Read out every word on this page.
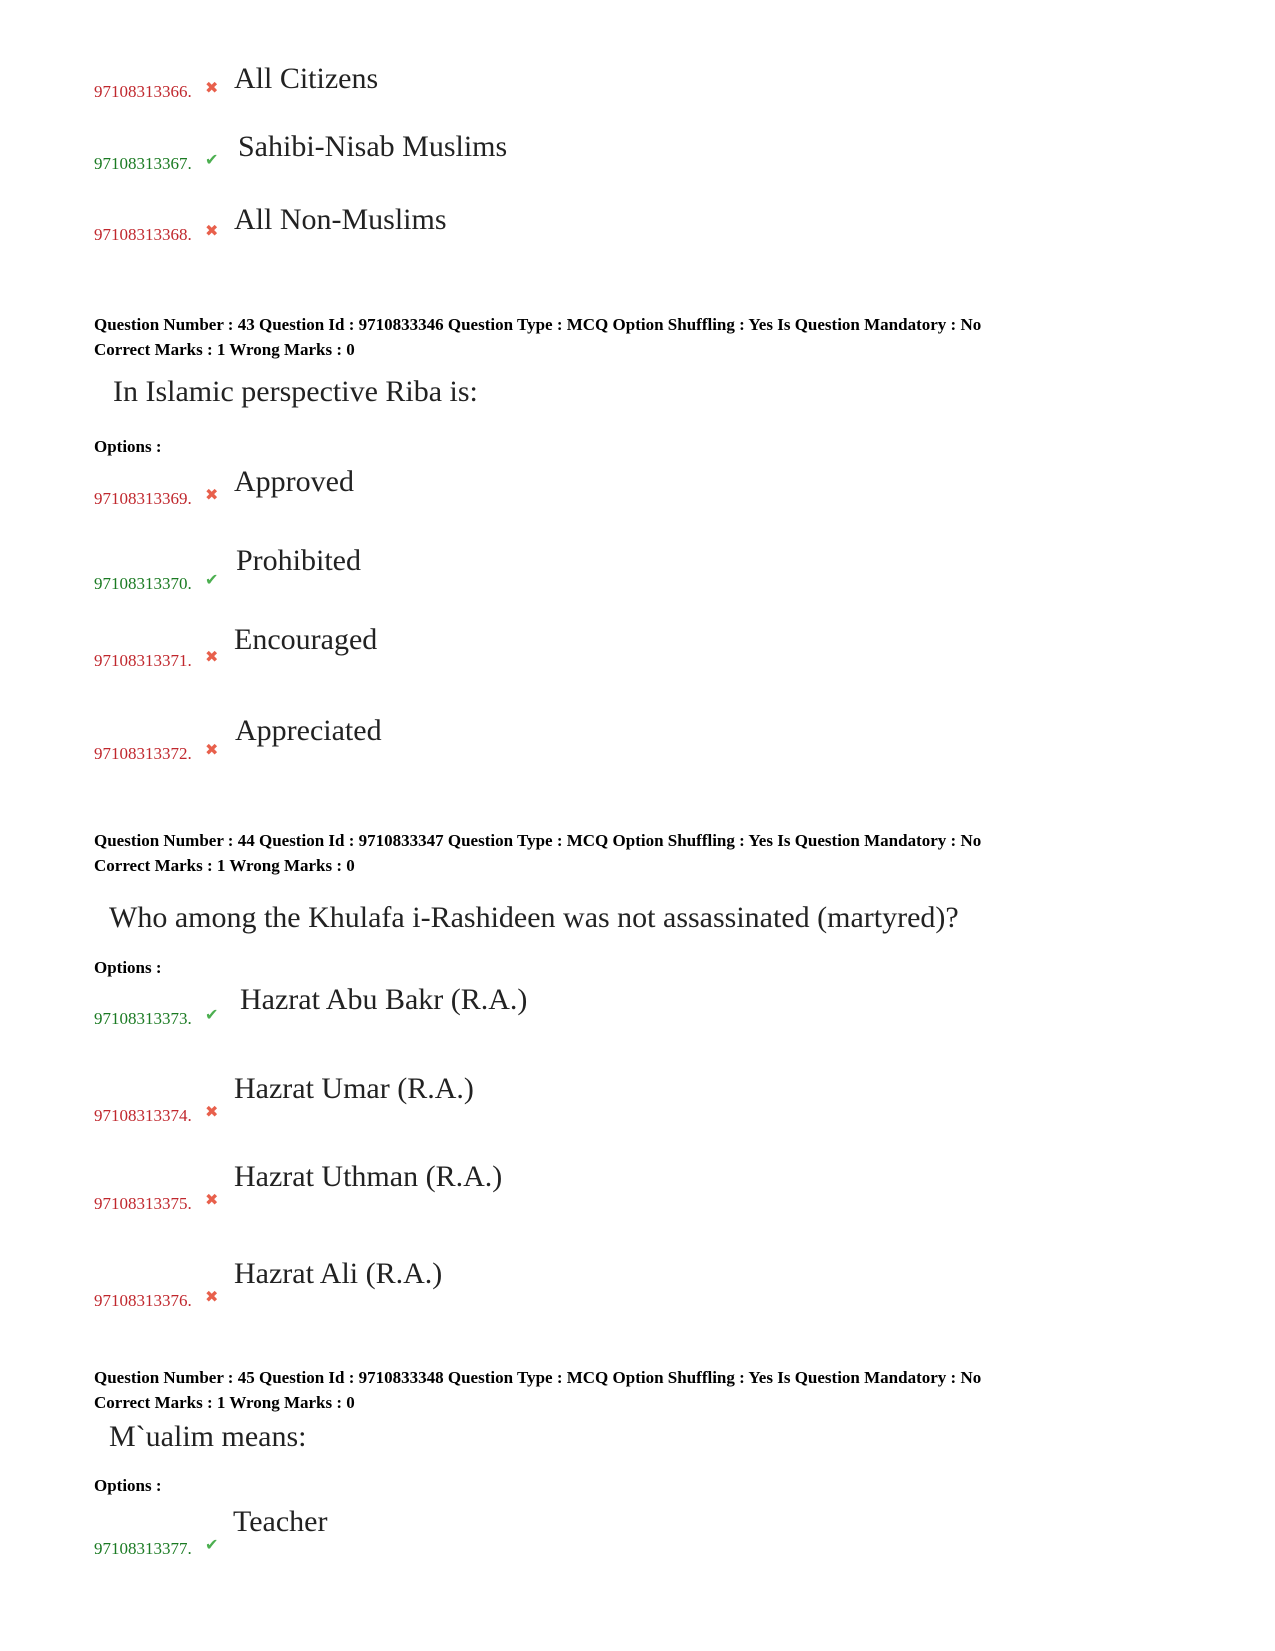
97108313366. ✖ All Citizens
97108313367. ✔ Sahibi-Nisab Muslims
97108313368. ✖ All Non-Muslims
Question Number : 43 Question Id : 9710833346 Question Type : MCQ Option Shuffling : Yes Is Question Mandatory : No
Correct Marks : 1 Wrong Marks : 0
In Islamic perspective Riba is:
Options :
97108313369. ✖ Approved
97108313370. ✔
Prohibited
97108313371. ✖
Encouraged
97108313372. ✖
Appreciated
Question Number : 44 Question Id : 9710833347 Question Type : MCQ Option Shuffling : Yes Is Question Mandatory : No
Correct Marks : 1 Wrong Marks : 0
Who among the Khulafa i-Rashideen was not assassinated (martyred)?
Options :
97108313373. ✔ Hazrat Abu Bakr (R.A.)
97108313374. ✖
Hazrat Umar (R.A.)
97108313375. ✖
Hazrat Uthman (R.A.)
97108313376. ✖
Hazrat Ali (R.A.)
Question Number : 45 Question Id : 9710833348 Question Type : MCQ Option Shuffling : Yes Is Question Mandatory : No
Correct Marks : 1 Wrong Marks : 0
M`ualim means:
Options :
97108313377. ✔
Teacher
